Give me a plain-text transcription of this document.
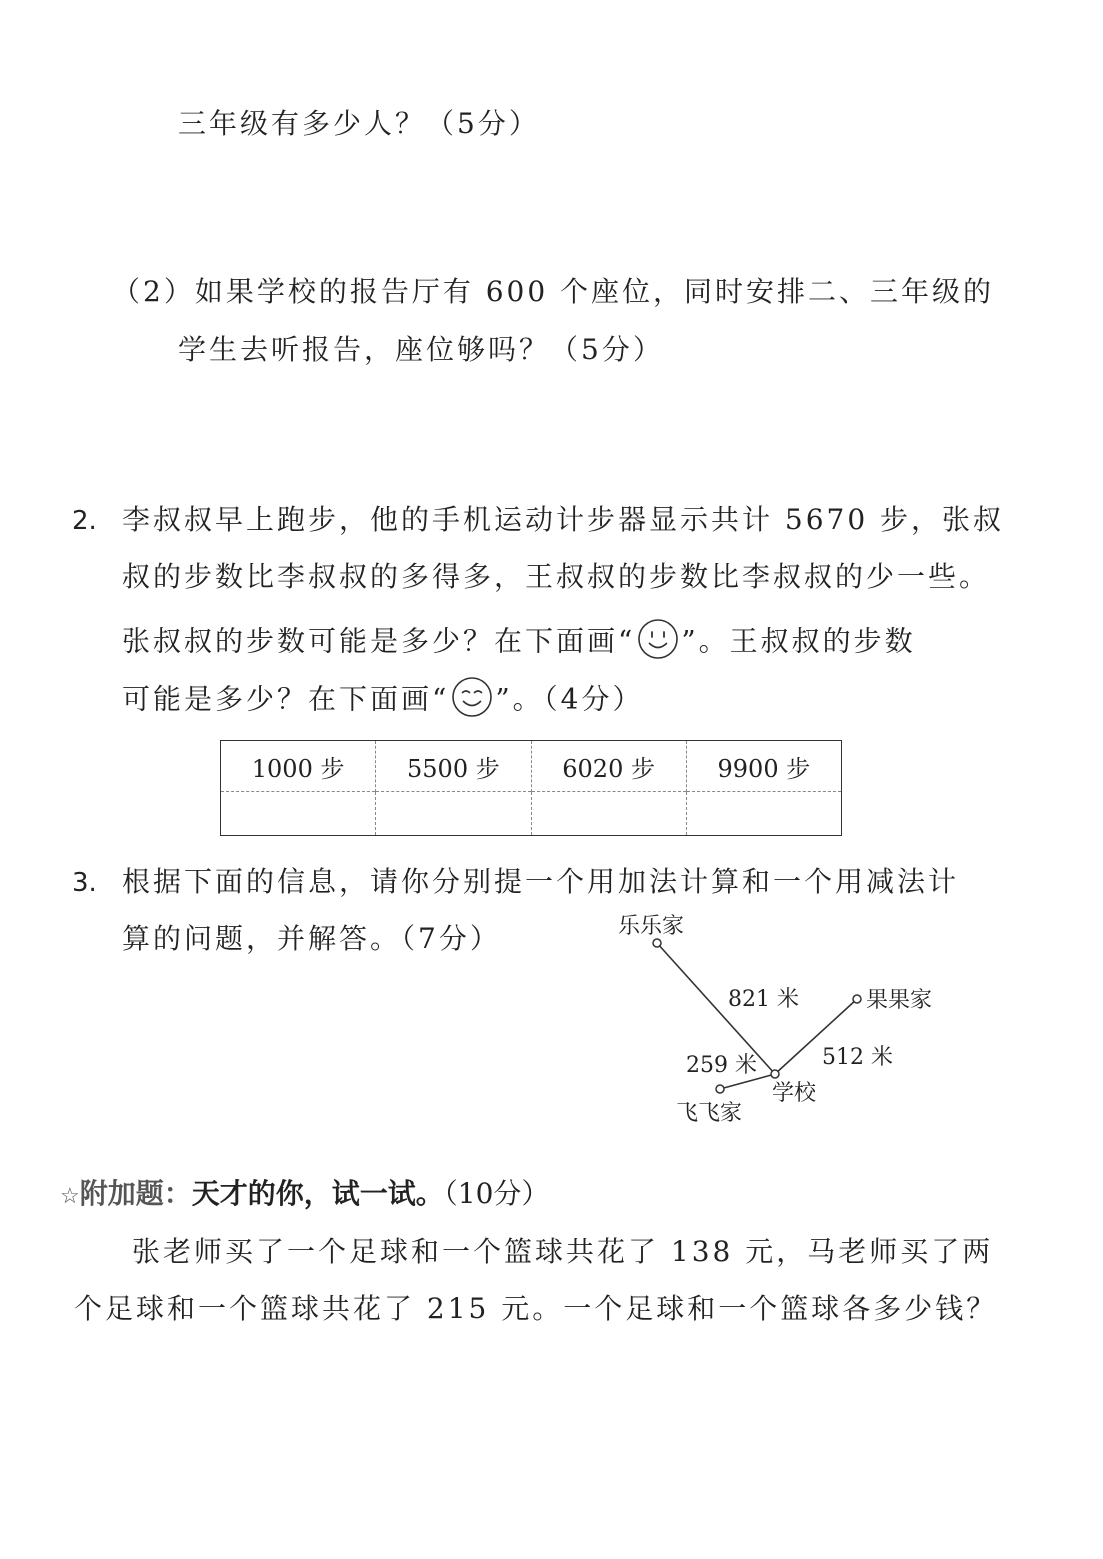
三年级有多少人？（5分）
（2）如果学校的报告厅有 600 个座位，同时安排二、三年级的
学生去听报告，座位够吗？（5分）
2. 李叔叔早上跑步，他的手机运动计步器显示共计 5670 步，张叔
叔的步数比李叔叔的多得多，王叔叔的步数比李叔叔的少一些。
张叔叔的步数可能是多少？在下面画“ ”。王叔叔的步数
可能是多少？在下面画“ ”。（4分）
1000 步	5500 步	6020 步	9900 步

3. 根据下面的信息，请你分别提一个用加法计算和一个用减法计
算的问题，并解答。（7分）	乐乐家
果果家
飞飞家
学校
821 米
512 米
259 米
☆附加题：天才的你，试一试。（10分）
张老师买了一个足球和一个篮球共花了 138 元，马老师买了两
个足球和一个篮球共花了 215 元。一个足球和一个篮球各多少钱？
